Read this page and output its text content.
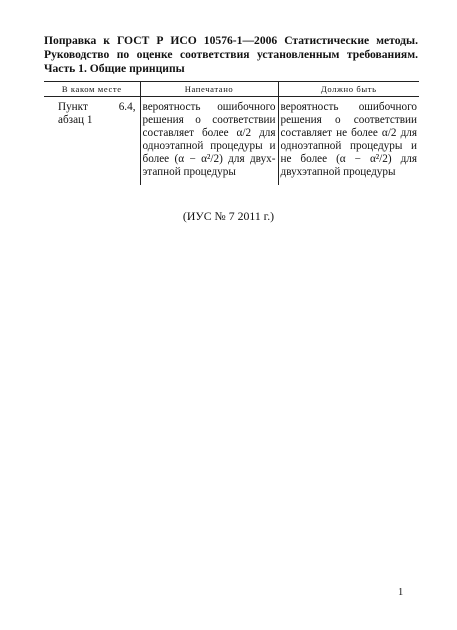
Поправка к ГОСТ Р ИСО 10576-1—2006 Статистические методы. Руководство по оценке соответствия установленным требованиям. Часть 1. Общие принципы
В каком месте	Напечатано	Должно быть
Пункт 6.4, абзац 1	вероятность ошибочного решения о соответствии составляет более α/2 для одноэтапной процедуры и более (α − α²/2) для двухэтапной процедуры	вероятность ошибочного решения о соответствии составляет не более α/2 для одноэтапной процедуры и не более (α − α²/2) для двухэтапной процедуры
(ИУС № 7 2011 г.)
1
